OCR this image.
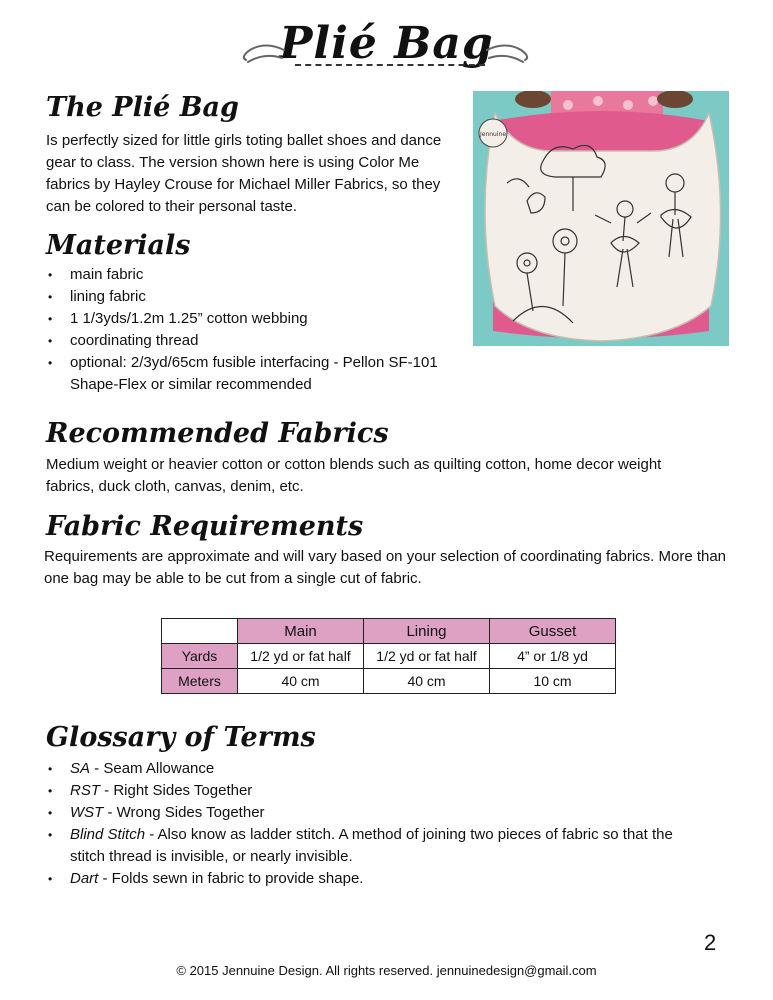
Plié Bag
The Plié Bag

Is perfectly sized for little girls toting ballet shoes and dance gear to class. The version shown here is using Color Me fabrics by Hayley Crouse for Michael Miller Fabrics, so they can be colored to their personal taste.

Jennuine
Materials
• main fabric
• lining fabric
• 1 1/3yds/1.2m 1.25” cotton webbing
• coordinating thread
• optional: 2/3yd/65cm fusible interfacing - Pellon SF-101 Shape-Flex or similar recommended
Recommended Fabrics

Medium weight or heavier cotton or cotton blends such as quilting cotton, home decor weight fabrics, duck cloth, canvas, denim, etc.

Fabric Requirements

Requirements are approximate and will vary based on your selection of coordinating fabrics. More than one bag may be able to be cut from a single cut of fabric.

	Main	Lining	Gusset
Yards	1/2 yd or fat half	1/2 yd or fat half	4” or 1/8 yd
Meters	40 cm	40 cm	10 cm
Glossary of Terms
• SA - Seam Allowance
• RST - Right Sides Together
• WST - Wrong Sides Together
• Blind Stitch - Also know as ladder stitch. A method of joining two pieces of fabric so that the stitch thread is invisible, or nearly invisible.
• Dart - Folds sewn in fabric to provide shape.
2
© 2015 Jennuine Design. All rights reserved. jennuinedesign@gmail.com
